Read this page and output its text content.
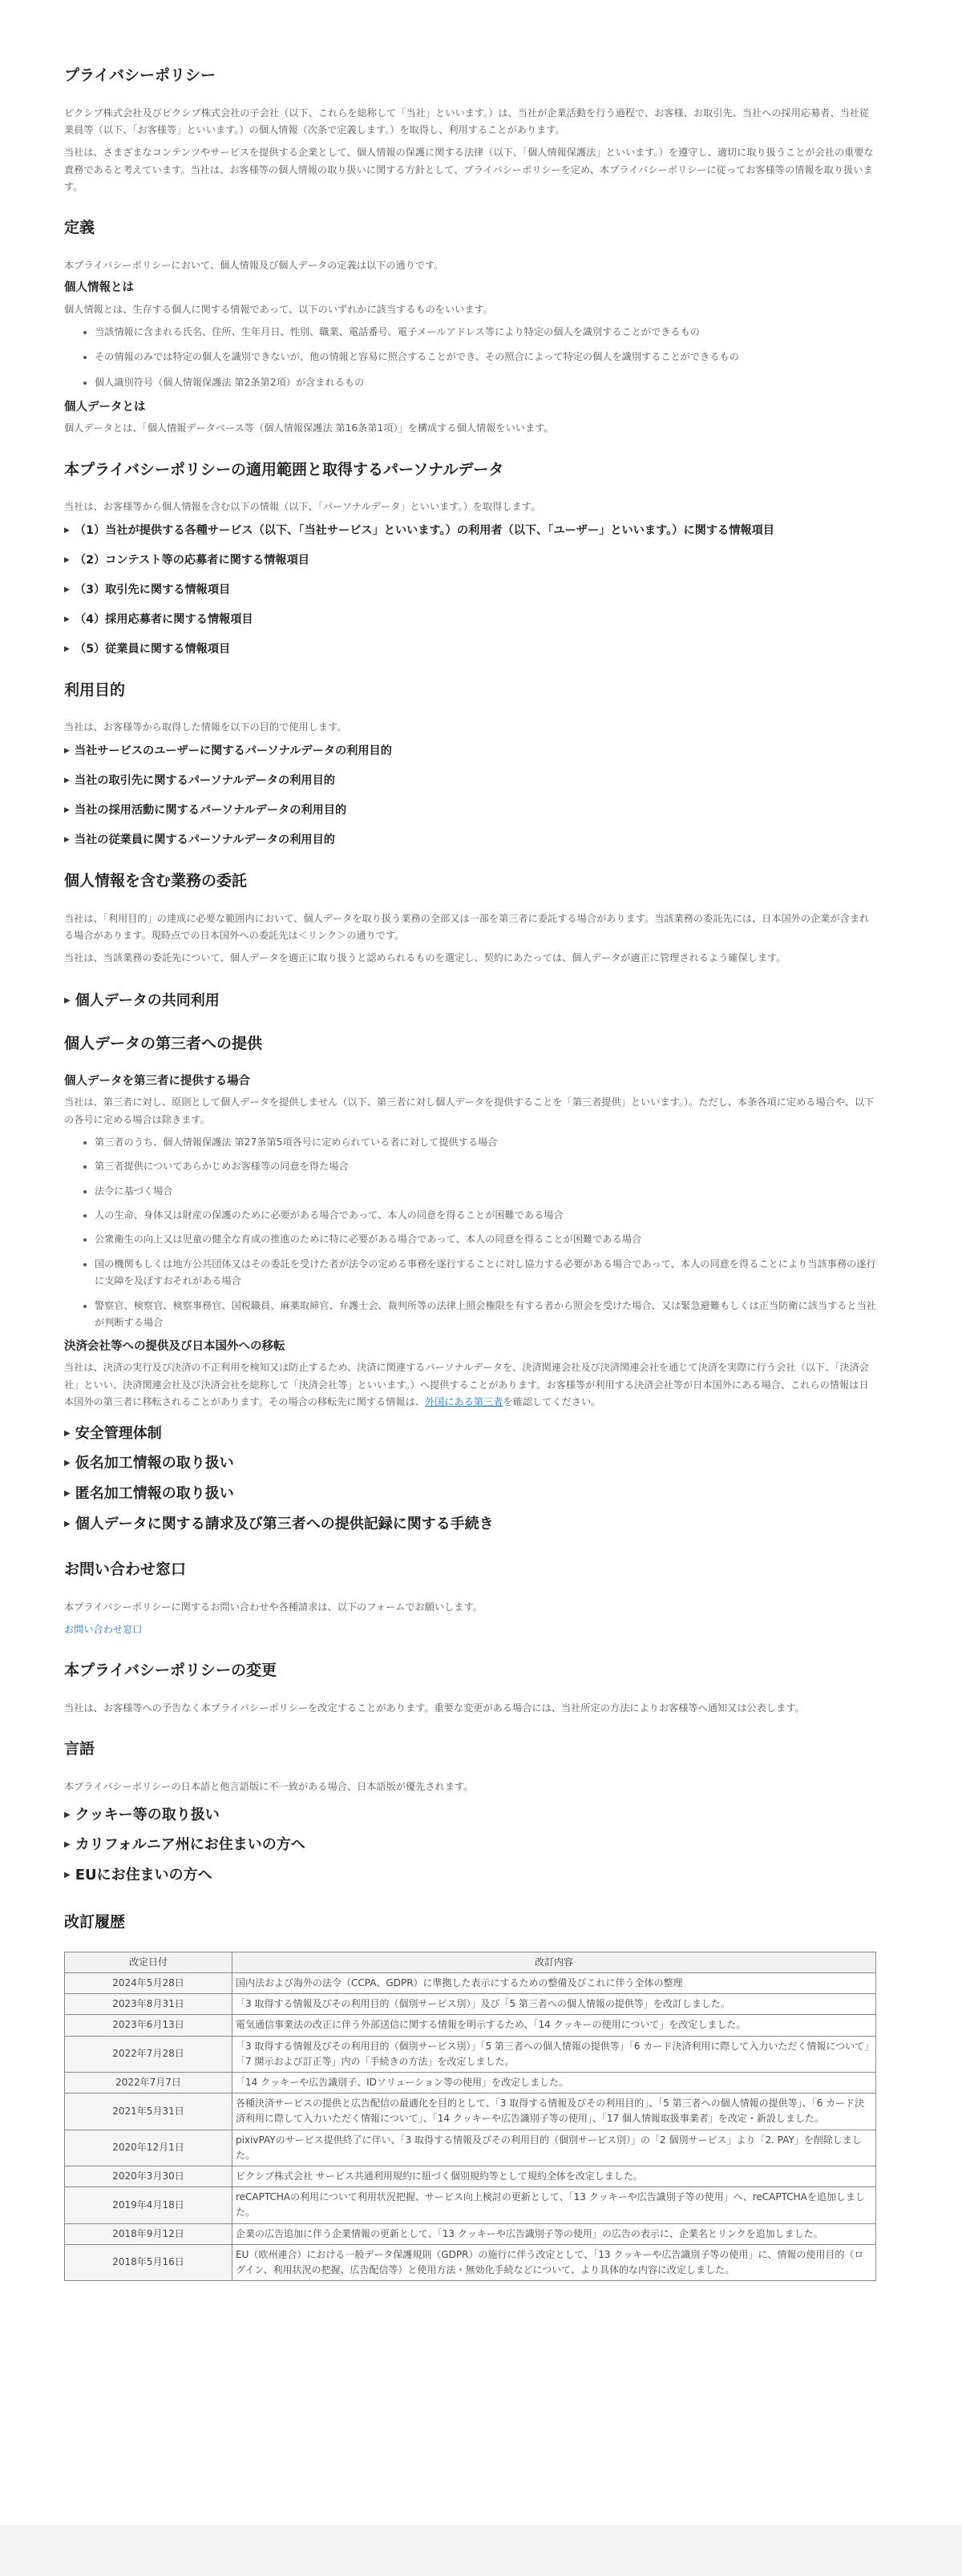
プライバシーポリシー

ピクシブ株式会社及びピクシブ株式会社の子会社（以下、これらを総称して「当社」といいます。）は、当社が企業活動を行う過程で、お客様、お取引先、当社への採用応募者、当社従業員等（以下、「お客様等」といいます。）の個人情報（次条で定義します。）を取得し、利用することがあります。

当社は、さまざまなコンテンツやサービスを提供する企業として、個人情報の保護に関する法律（以下、「個人情報保護法」といいます。）を遵守し、適切に取り扱うことが会社の重要な責務であると考えています。当社は、お客様等の個人情報の取り扱いに関する方針として、プライバシーポリシーを定め、本プライバシーポリシーに従ってお客様等の情報を取り扱います。

定義

本プライバシーポリシーにおいて、個人情報及び個人データの定義は以下の通りです。

個人情報とは

個人情報とは、生存する個人に関する情報であって、以下のいずれかに該当するものをいいます。

• 当該情報に含まれる氏名、住所、生年月日、性別、職業、電話番号、電子メールアドレス等により特定の個人を識別することができるもの
• その情報のみでは特定の個人を識別できないが、他の情報と容易に照合することができ、その照合によって特定の個人を識別することができるもの
• 個人識別符号（個人情報保護法 第2条第2項）が含まれるもの
個人データとは

個人データとは、「個人情報データベース等（個人情報保護法 第16条第1項）」を構成する個人情報をいいます。

本プライバシーポリシーの適用範囲と取得するパーソナルデータ

当社は、お客様等から個人情報を含む以下の情報（以下、「パーソナルデータ」といいます。）を取得します。

▶ （1）当社が提供する各種サービス（以下、「当社サービス」といいます。）の利用者（以下、「ユーザー」といいます。）に関する情報項目
▶ （2）コンテスト等の応募者に関する情報項目
▶ （3）取引先に関する情報項目
▶ （4）採用応募者に関する情報項目
▶ （5）従業員に関する情報項目
利用目的

当社は、お客様等から取得した情報を以下の目的で使用します。

▶ 当社サービスのユーザーに関するパーソナルデータの利用目的
▶ 当社の取引先に関するパーソナルデータの利用目的
▶ 当社の採用活動に関するパーソナルデータの利用目的
▶ 当社の従業員に関するパーソナルデータの利用目的
個人情報を含む業務の委託

当社は、「利用目的」の達成に必要な範囲内において、個人データを取り扱う業務の全部又は一部を第三者に委託する場合があります。当該業務の委託先には、日本国外の企業が含まれる場合があります。現時点での日本国外への委託先は＜リンク＞の通りです。

当社は、当該業務の委託先について、個人データを適正に取り扱うと認められるものを選定し、契約にあたっては、個人データが適正に管理されるよう確保します。

▶ 個人データの共同利用
個人データの第三者への提供
個人データを第三者に提供する場合

当社は、第三者に対し、原則として個人データを提供しません（以下、第三者に対し個人データを提供することを「第三者提供」といいます。）。ただし、本条各項に定める場合や、以下の各号に定める場合は除きます。

• 第三者のうち、個人情報保護法 第27条第5項各号に定められている者に対して提供する場合
• 第三者提供についてあらかじめお客様等の同意を得た場合
• 法令に基づく場合
• 人の生命、身体又は財産の保護のために必要がある場合であって、本人の同意を得ることが困難である場合
• 公衆衛生の向上又は児童の健全な育成の推進のために特に必要がある場合であって、本人の同意を得ることが困難である場合
• 国の機関もしくは地方公共団体又はその委託を受けた者が法令の定める事務を遂行することに対し協力する必要がある場合であって、本人の同意を得ることにより当該事務の遂行に支障を及ぼすおそれがある場合
• 警察官、検察官、検察事務官、国税職員、麻薬取締官、弁護士会、裁判所等の法律上照会権限を有する者から照会を受けた場合、又は緊急避難もしくは正当防衛に該当すると当社が判断する場合
決済会社等への提供及び日本国外への移転

当社は、決済の実行及び決済の不正利用を検知又は防止するため、決済に関連するパーソナルデータを、決済関連会社及び決済関連会社を通じて決済を実際に行う会社（以下、「決済会社」といい、決済関連会社及び決済会社を総称して「決済会社等」といいます。）へ提供することがあります。お客様等が利用する決済会社等が日本国外にある場合、これらの情報は日本国外の第三者に移転されることがあります。その場合の移転先に関する情報は、外国にある第三者を確認してください。

▶ 安全管理体制
▶ 仮名加工情報の取り扱い
▶ 匿名加工情報の取り扱い
▶ 個人データに関する請求及び第三者への提供記録に関する手続き
お問い合わせ窓口

本プライバシーポリシーに関するお問い合わせや各種請求は、以下のフォームでお願いします。

お問い合わせ窓口

本プライバシーポリシーの変更

当社は、お客様等への予告なく本プライバシーポリシーを改定することがあります。重要な変更がある場合には、当社所定の方法によりお客様等へ通知又は公表します。

言語

本プライバシーポリシーの日本語と他言語版に不一致がある場合、日本語版が優先されます。

▶ クッキー等の取り扱い
▶ カリフォルニア州にお住まいの方へ
▶ EUにお住まいの方へ
改訂履歴
改定日付	改訂内容
2024年5月28日	国内法および海外の法令（CCPA、GDPR）に準拠した表示にするための整備及びこれに伴う全体の整理
2023年8月31日	「3 取得する情報及びその利用目的（個別サービス別）」及び「5 第三者への個人情報の提供等」を改訂しました。
2023年6月13日	電気通信事業法の改正に伴う外部送信に関する情報を明示するため、「14 クッキーの使用について」を改定しました。
2022年7月28日	「3 取得する情報及びその利用目的（個別サービス別）」「5 第三者への個人情報の提供等」「6 カード決済利用に際して入力いただく情報について」「7 開示および訂正等」内の「手続きの方法」を改定しました。
2022年7月7日	「14 クッキーや広告識別子、IDソリューション等の使用」を改定しました。
2021年5月31日	各種決済サービスの提供と広告配信の最適化を目的として、「3 取得する情報及びその利用目的」、「5 第三者への個人情報の提供等」、「6 カード決済利用に際して入力いただく情報について」、「14 クッキーや広告識別子等の使用」、「17 個人情報取扱事業者」を改定・新設しました。
2020年12月1日	pixivPAYのサービス提供終了に伴い、「3 取得する情報及びその利用目的（個別サービス別）」の「2 個別サービス」より「2. PAY」を削除しました。
2020年3月30日	ピクシブ株式会社 サービス共通利用規約に紐づく個別規約等として規約全体を改定しました。
2019年4月18日	reCAPTCHAの利用について利用状況把握、サービス向上検討の更新として、「13 クッキーや広告識別子等の使用」へ、reCAPTCHAを追加しました。
2018年9月12日	企業の広告追加に伴う企業情報の更新として、「13 クッキーや広告識別子等の使用」の広告の表示に、企業名とリンクを追加しました。
2018年5月16日	EU（欧州連合）における一般データ保護規則（GDPR）の施行に伴う改定として、「13 クッキーや広告識別子等の使用」に、情報の使用目的（ログイン、利用状況の把握、広告配信等）と使用方法・無効化手続などについて、より具体的な内容に改定しました。
